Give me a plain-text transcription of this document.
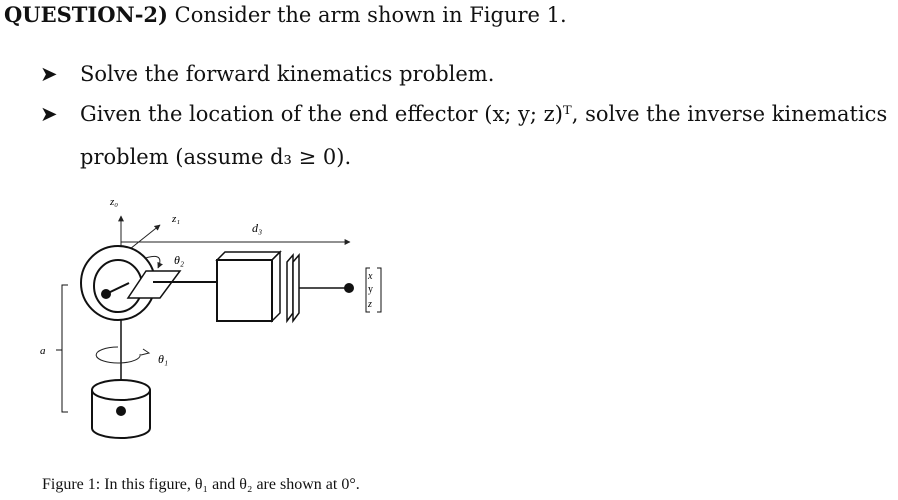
QUESTION-2) Consider the arm shown in Figure 1.
➤ Solve the forward kinematics problem.
➤ Given the location of the end effector (x; y; z)ᵀ, solve the inverse kinematics
problem (assume d₃ ≥ 0).
z₀
z₁
d₃
θ₂
x
y
z
θ₁
a
Figure 1: In this figure, θ₁ and θ₂ are shown at 0°.
